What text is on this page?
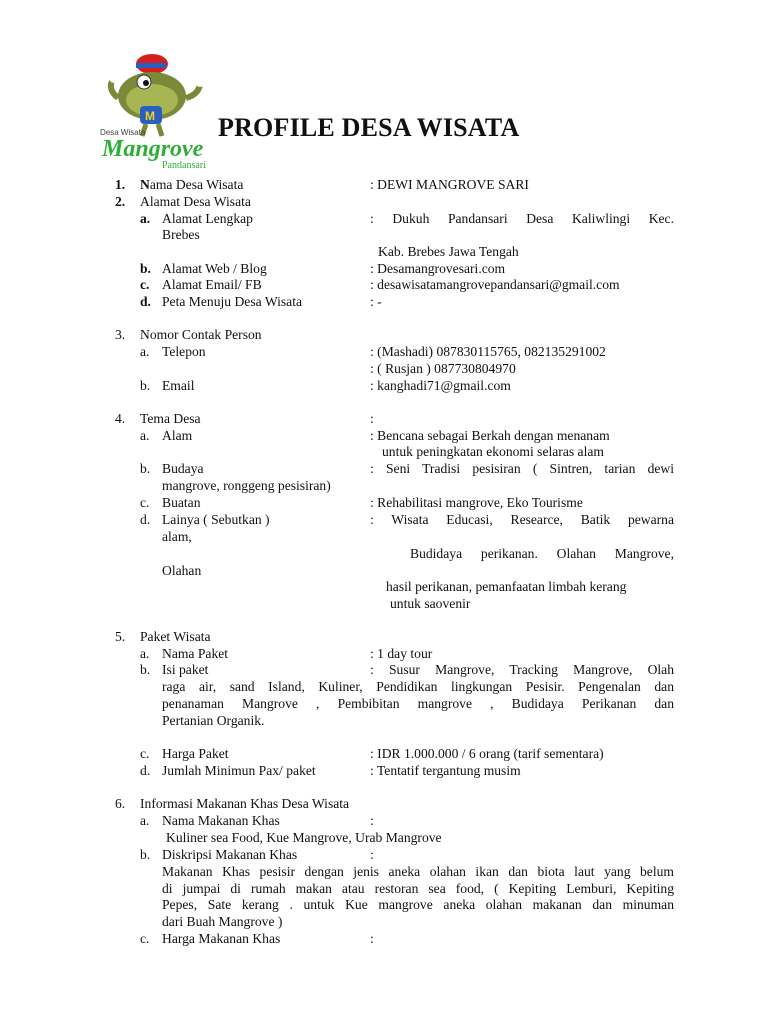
M
Desa Wisata
Mangrove
Pandansari
PROFILE DESA WISATA
1. Nama Desa Wisata	: DEWI MANGROVE SARI
2. Alamat Desa Wisata
a. Alamat Lengkap	: Dukuh Pandansari Desa Kaliwlingi Kec.
Brebes
Kab. Brebes Jawa Tengah
b. Alamat Web / Blog	: Desamangrovesari.com
c. Alamat Email/ FB	: desawisatamangrovepandansari@gmail.com
d. Peta Menuju Desa Wisata	: -
3. Nomor Contak Person
a. Telepon	: (Mashadi) 087830115765, 082135291002
: ( Rusjan ) 087730804970
b. Email	: kanghadi71@gmail.com
4. Tema Desa	:
a. Alam	: Bencana sebagai Berkah dengan menanam
untuk peningkatan ekonomi selaras alam
b. Budaya	: Seni Tradisi pesisiran ( Sintren, tarian dewi
mangrove, ronggeng pesisiran)
c. Buatan	: Rehabilitasi mangrove, Eko Tourisme
d. Lainya ( Sebutkan )	: Wisata Educasi, Researce, Batik pewarna
alam,
Budidaya perikanan. Olahan Mangrove,
Olahan
hasil perikanan, pemanfaatan limbah kerang
untuk saovenir
5. Paket Wisata
a. Nama Paket	: 1 day tour
b. Isi paket	: Susur Mangrove, Tracking Mangrove, Olah
raga air, sand Island, Kuliner, Pendidikan lingkungan Pesisir. Pengenalan dan
penanaman Mangrove , Pembibitan mangrove , Budidaya Perikanan dan
Pertanian Organik.
c. Harga Paket	: IDR 1.000.000 / 6 orang (tarif sementara)
d. Jumlah Minimun Pax/ paket	: Tentatif tergantung musim
6. Informasi Makanan Khas Desa Wisata
a. Nama Makanan Khas	:
Kuliner sea Food, Kue Mangrove, Urab Mangrove
b. Diskripsi Makanan Khas	:
Makanan Khas pesisir dengan jenis aneka olahan ikan dan biota laut yang belum
di jumpai di rumah makan atau restoran sea food, ( Kepiting Lemburi, Kepiting
Pepes, Sate kerang . untuk Kue mangrove aneka olahan makanan dan minuman
dari Buah Mangrove )
c. Harga Makanan Khas	:
